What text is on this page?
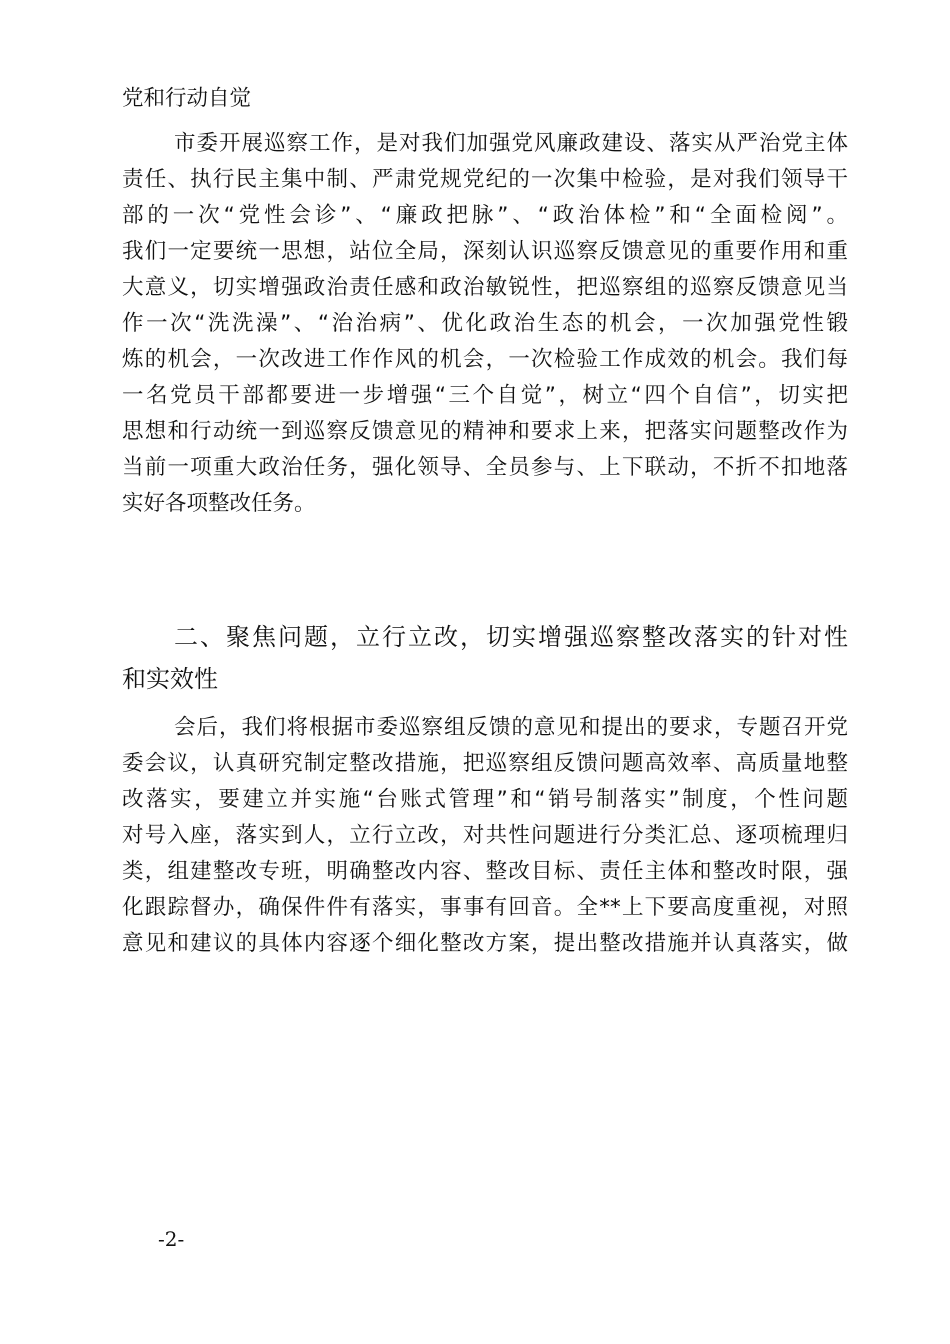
党和行动自觉
市委开展巡察工作，是对我们加强党风廉政建设、落实从严治党主体
责任、执行民主集中制、严肃党规党纪的一次集中检验，是对我们领导干
部的一次“党性会诊”、“廉政把脉”、“政治体检”和“全面检阅”。
我们一定要统一思想，站位全局，深刻认识巡察反馈意见的重要作用和重
大意义，切实增强政治责任感和政治敏锐性，把巡察组的巡察反馈意见当
作一次“洗洗澡”、“治治病”、优化政治生态的机会，一次加强党性锻
炼的机会，一次改进工作作风的机会，一次检验工作成效的机会。我们每
一名党员干部都要进一步增强“三个自觉”，树立“四个自信”，切实把
思想和行动统一到巡察反馈意见的精神和要求上来，把落实问题整改作为
当前一项重大政治任务，强化领导、全员参与、上下联动，不折不扣地落
实好各项整改任务。
二、聚焦问题，立行立改，切实增强巡察整改落实的针对性
和实效性
会后，我们将根据市委巡察组反馈的意见和提出的要求，专题召开党
委会议，认真研究制定整改措施，把巡察组反馈问题高效率、高质量地整
改落实，要建立并实施“台账式管理”和“销号制落实”制度，个性问题
对号入座，落实到人，立行立改，对共性问题进行分类汇总、逐项梳理归
类，组建整改专班，明确整改内容、整改目标、责任主体和整改时限，强
化跟踪督办，确保件件有落实，事事有回音。全**上下要高度重视，对照
意见和建议的具体内容逐个细化整改方案，提出整改措施并认真落实，做
-2-
